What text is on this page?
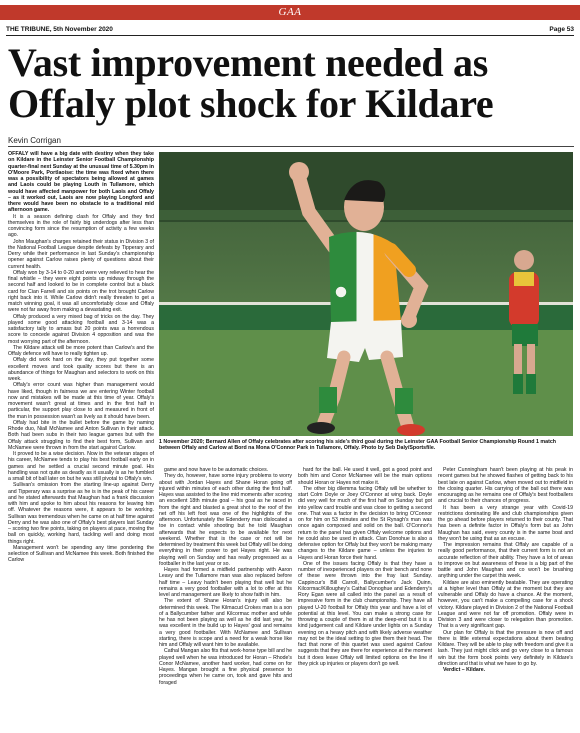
GAA
THE TRIBUNE, 5th November 2020	Page 53
Vast improvement needed as Offaly plot shock for Kildare
Kevin Corrigan

OFFALY will have a big date with destiny when they take on Kildare in the Leinster Senior Football Championship quarter-final next Sunday at the unusual time of 5.30pm in O'Moore Park, Portlaoise: the time was fixed when there was a possibility of spectators being allowed at games and Laois could be playing Louth in Tullamore, which would have affected manpower for both Laois and Offaly – as it worked out, Laois are now playing Longford and there would have been no obstacle to a traditional mid afternoon game.

It is a season defining clash for Offaly and they find themselves in the role of fairly big underdogs after less than convincing form since the resumption of activity a few weeks ago.

John Maughan's charges retained their status in Division 3 of the National Football League despite defeats by Tipperary and Derry while their performance in last Sunday's championship opener against Carlow raises plenty of questions about their current health.

Offaly won by 3-14 to 0-20 and were very relieved to hear the final whistle – they were eight points up midway through the second half and looked to be in complete control but a black card for Cian Farrell and six points on the trot brought Carlow right back into it. While Carlow didn't really threaten to get a match winning goal, it was all uncomfortably close and Offaly were not far away from making a devastating exit.

Offaly produced a very mixed bag of tricks on the day. They played some good attacking football and 3-14 was a satisfactory tally to amass but 20 points was a horrendous score to concede against Division 4 opposition and was the most worrying part of the afternoon.

The Kildare attack will be more potent than Carlow's and the Offaly defence will have to really tighten up.

Offaly did work hard on the day, they put together some excellent moves and took quality scores but there is an abundance of things for Maughan and selectors to work on this week.

Offaly's error count was higher than management would have liked, though in fairness we are entering Winter football now and mistakes will be made at this time of year. Offaly's movement wasn't great at times and in the first half in particular, the support play close to and measured in front of the man in possession wasn't as lively as it should have been.

Offaly had bite in the bullet before the game by naming Rhode duo, Niall McNamee and Anton Sullivan in their attack. Both had been subs in their two league games but with the Offaly attack struggling to find their best form, Sullivan and McNamee were thrown in from the start against Carlow.

It proved to be a wise decision. Now in the veteran stages of his career, McNamee tends to play his best football early on in games and he settled a crucial second minute goal. His handling was not quite as deadly as it usually is as he fumbled a small bit of ball later on but he was still pivotal to Offaly's win.

Sullivan's omission from the starting line-up against Derry and Tipperary was a surprise as he is in the peak of his career and he stated afterwards that Maughan had a frank discussion with him and spoke to him about his reasons for leaving him off. Whatever the reasons were, it appears to be working. Sullivan was tremendous when he came on at half time against Derry and he was also one of Offaly's best players last Sunday – scoring two fine points, taking on players at pace, moving the ball on quickly, working hard, tackling well and doing most things right.

Management won't be spending any time pondering the selection of Sullivan and McNamee this week. Both finished the Carlow

1 November 2020; Bernard Allen of Offaly celebrates after scoring his side's third goal during the Leinster GAA Football Senior Championship Round 1 match between Offaly and Carlow at Bord na Mona O'Connor Park in Tullamore, Offaly. Photo by Seb Daly/Sportsfile.

game and now have to be automatic choices.

They do, however, have some injury problems to worry about with Jordan Hayes and Shane Horan going off injured within minutes of each other during the first half. Hayes was assisted to the line mid moments after scoring an excellent 18th minute goal – his goal as he raced in from the right and blasted a great shot to the roof of the net off his left foot was one of the highlights of the afternoon. Unfortunately the Edenderry man dislocated a toe in contact while shooting but he told Maughan afterwards that he expects to be available for next weekend. Whether that is the case or not will be determined by treatment this week but Offaly will be doing everything in their power to get Hayes right. He was playing well on Sunday and has really progressed as a footballer in the last year or so.

Hayes had formed a midfield partnership with Aaron Leavy and the Tullamore man was also replaced before half time – Leavy hadn't been playing that well but he remains a very good footballer with a lot to offer at this level and management are likely to show faith in him.

The extent of Shane Horan's injury will also be determined this week. The Kilmacud Crokes man is a son of a Ballycumber father and Kilcormac mother and while he has not been playing as well as he did last year, he was excellent in the build up to Hayes' goal and remains a very good footballer. With McNamee and Sullivan starting, there is scope and a need for a weak horse like him and Offaly will want him to be available.

Cathal Mangan also fits that work-horse type bill and he played well when he was introduced for Horan – Rhode's Conor McNamee, another hard worker, had come on for Hayes. Mangan brought a fine physical presence to proceedings when he came on, took and gave hits and foraged

hard for the ball. He used it well, got a good point and both him and Conor McNamee will be the main options should Horan or Hayes not make it.

The other big dilemma facing Offaly will be whether to start Colm Doyle or Joey O'Connor at wing back. Doyle did very well for much of the first half on Sunday but got into yellow card trouble and was close to getting a second one. That was a factor in the decision to bring O'Connor on for him on 53 minutes and the St Rynagh's man was once again composed and solid on the ball. O'Connor's return to the panel has given Offaly welcome options and he could also be used in attack. Cian Donohue is also a defensive option for Offaly but they won't be making many changes to the Kildare game – unless the injuries to Hayes and Horan force their hand.

One of the issues facing Offaly is that they have a number of inexperienced players on their bench and none of these were thrown into the fray last Sunday. Cappincur's Bill Carroll, Ballycumber's Jack Quinn, Kilcormac/Killoughey's Cathal Donoghue and Edenderry's Rory Egan were all called into the panel as a result of impressive form in the club championship. They have all played U-20 football for Offaly this year and have a lot of potential at this level. You can make a strong case for throwing a couple of them in at the deep-end but it is a kind judgement call and Kildare under lights on a Sunday evening on a heavy pitch and with likely adverse weather may not be the ideal setting to give them their head. The fact that none of this quartet was used against Carlow suggests that they are there for experience at the moment but it does leave Offaly will limited options on the line if they pick up injuries or players don't go well.

Peter Cunningham hasn't been playing at his peak in recent games but he showed flashes of getting back to his best late on against Carlow, when moved out to midfield in the closing quarter. His carrying of the ball out there was encouraging as he remains one of Offaly's best footballers and crucial to their chances of progress.

It has been a very strange year with Covid-19 restrictions dominating life and club championships given the go ahead before players returned to their county. That has been a definite factor in Offaly's form but as John Maughan has said, every county is in the same boat and they won't be using that as an excuse.

The impression remains that Offaly are capable of a really good performance, that their current form is not an accurate reflection of their ability. They have a lot of areas to improve on but awareness of these is a big part of the battle and John Maughan and co won't be brushing anything under the carpet this week.

Kildare are also eminently beatable. They are operating at a higher level than Offaly at the moment but they are vulnerable and Offaly do have a chance. At the moment, however, you can't make a compelling case for a shock victory. Kildare played in Division 2 of the National Football League and were not far off promotion. Offaly were in Division 3 and were closer to relegation than promotion. That is a very significant gap.

Our plan for Offaly is that the pressure is now off and there is little external expectations about them beating Kildare. They will be able to play with freedom and give it a lash. They just might click and go very close to a famous win but the form book points very definitely in Kildare's direction and that is what we have to go by.

Verdict – Kildare.
